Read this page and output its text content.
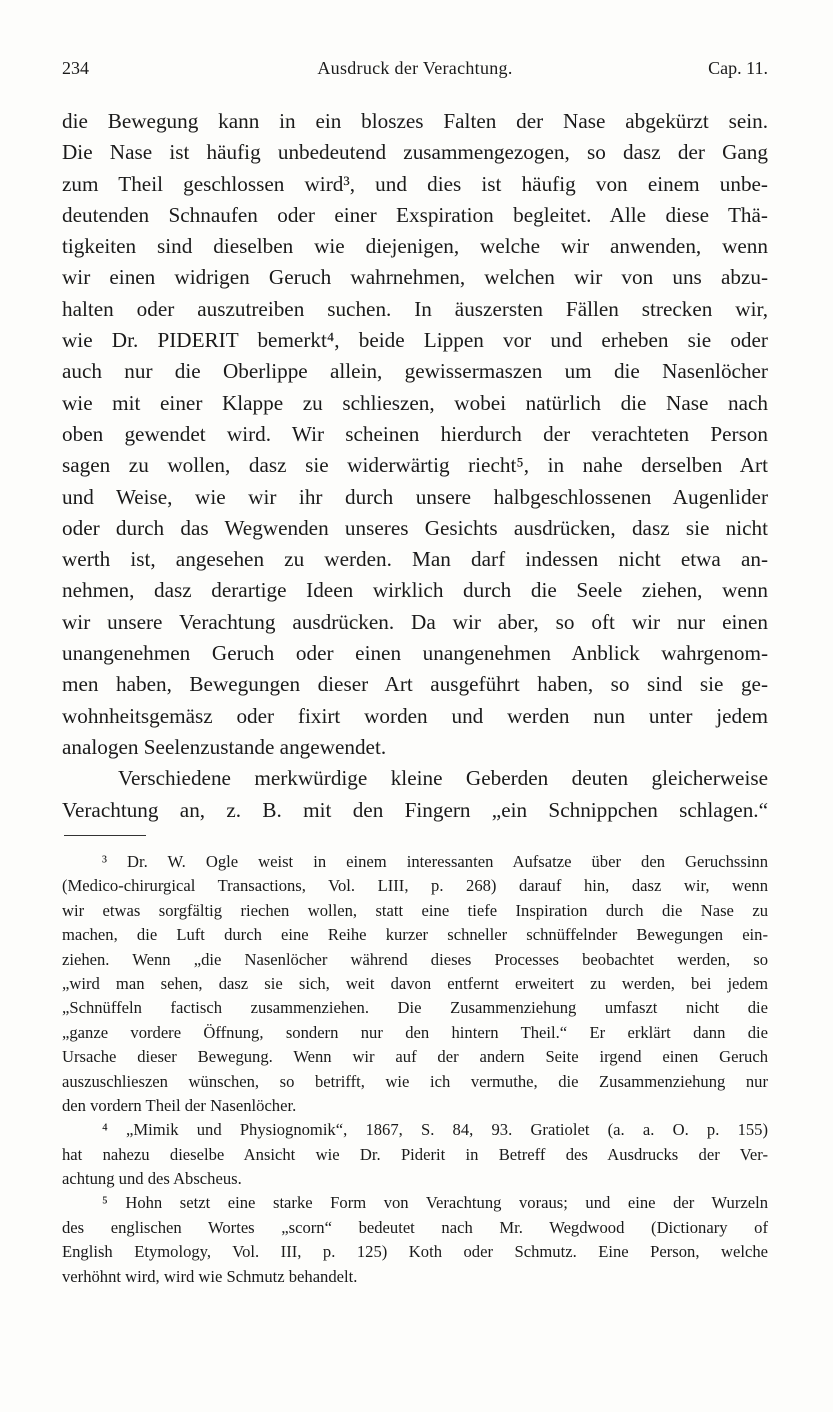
234	Ausdruck der Verachtung.	Cap. 11.
die Bewegung kann in ein bloszes Falten der Nase abgekürzt sein.
Die Nase ist häufig unbedeutend zusammengezogen, so dasz der Gang
zum Theil geschlossen wird³, und dies ist häufig von einem unbe-
deutenden Schnaufen oder einer Exspiration begleitet. Alle diese Thä-
tigkeiten sind dieselben wie diejenigen, welche wir anwenden, wenn
wir einen widrigen Geruch wahrnehmen, welchen wir von uns abzu-
halten oder auszutreiben suchen. In äuszersten Fällen strecken wir,
wie Dr. PIDERIT bemerkt⁴, beide Lippen vor und erheben sie oder
auch nur die Oberlippe allein, gewissermaszen um die Nasenlöcher
wie mit einer Klappe zu schlieszen, wobei natürlich die Nase nach
oben gewendet wird. Wir scheinen hierdurch der verachteten Person
sagen zu wollen, dasz sie widerwärtig riecht⁵, in nahe derselben Art
und Weise, wie wir ihr durch unsere halbgeschlossenen Augenlider
oder durch das Wegwenden unseres Gesichts ausdrücken, dasz sie nicht
werth ist, angesehen zu werden. Man darf indessen nicht etwa an-
nehmen, dasz derartige Ideen wirklich durch die Seele ziehen, wenn
wir unsere Verachtung ausdrücken. Da wir aber, so oft wir nur einen
unangenehmen Geruch oder einen unangenehmen Anblick wahrgenom-
men haben, Bewegungen dieser Art ausgeführt haben, so sind sie ge-
wohnheitsgemäsz oder fixirt worden und werden nun unter jedem
analogen Seelenzustande angewendet.
Verschiedene merkwürdige kleine Geberden deuten gleicherweise
Verachtung an, z. B. mit den Fingern „ein Schnippchen schlagen.“
³ Dr. W. Ogle weist in einem interessanten Aufsatze über den Geruchssinn
(Medico-chirurgical Transactions, Vol. LIII, p. 268) darauf hin, dasz wir, wenn
wir etwas sorgfältig riechen wollen, statt eine tiefe Inspiration durch die Nase zu
machen, die Luft durch eine Reihe kurzer schneller schnüffelnder Bewegungen ein-
ziehen. Wenn „die Nasenlöcher während dieses Processes beobachtet werden, so
„wird man sehen, dasz sie sich, weit davon entfernt erweitert zu werden, bei jedem
„Schnüffeln factisch zusammenziehen. Die Zusammenziehung umfaszt nicht die
„ganze vordere Öffnung, sondern nur den hintern Theil.“ Er erklärt dann die
Ursache dieser Bewegung. Wenn wir auf der andern Seite irgend einen Geruch
auszuschlieszen wünschen, so betrifft, wie ich vermuthe, die Zusammenziehung nur
den vordern Theil der Nasenlöcher.
⁴ „Mimik und Physiognomik“, 1867, S. 84, 93. Gratiolet (a. a. O. p. 155)
hat nahezu dieselbe Ansicht wie Dr. Piderit in Betreff des Ausdrucks der Ver-
achtung und des Abscheus.
⁵ Hohn setzt eine starke Form von Verachtung voraus; und eine der Wurzeln
des englischen Wortes „scorn“ bedeutet nach Mr. Wegdwood (Dictionary of
English Etymology, Vol. III, p. 125) Koth oder Schmutz. Eine Person, welche
verhöhnt wird, wird wie Schmutz behandelt.
